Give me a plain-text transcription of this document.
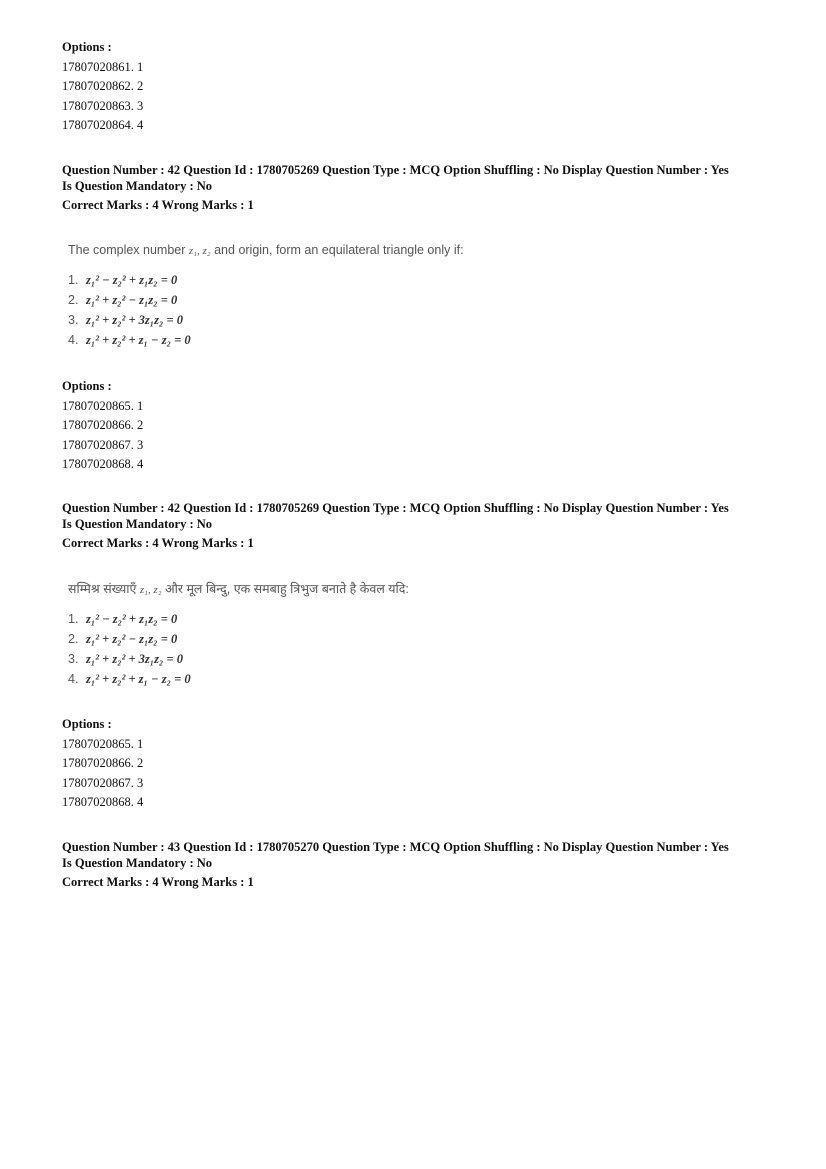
Options :
17807020861. 1
17807020862. 2
17807020863. 3
17807020864. 4
Question Number : 42 Question Id : 1780705269 Question Type : MCQ Option Shuffling : No Display Question Number : Yes
Is Question Mandatory : No
Correct Marks : 4 Wrong Marks : 1
The complex number z₁, z₂ and origin, form an equilateral triangle only if:
1. z₁² − z₂² + z₁z₂ = 0
2. z₁² + z₂² − z₁z₂ = 0
3. z₁² + z₂² + 3z₁z₂ = 0
4. z₁² + z₂² + z₁ − z₂ = 0
Options :
17807020865. 1
17807020866. 2
17807020867. 3
17807020868. 4
Question Number : 42 Question Id : 1780705269 Question Type : MCQ Option Shuffling : No Display Question Number : Yes
Is Question Mandatory : No
Correct Marks : 4 Wrong Marks : 1
सम्मिश्र संख्याएँ z₁, z₂ और मूल बिन्दु, एक समबाहु त्रिभुज बनाते है केवल यदि:
1. z₁² − z₂² + z₁z₂ = 0
2. z₁² + z₂² − z₁z₂ = 0
3. z₁² + z₂² + 3z₁z₂ = 0
4. z₁² + z₂² + z₁ − z₂ = 0
Options :
17807020865. 1
17807020866. 2
17807020867. 3
17807020868. 4
Question Number : 43 Question Id : 1780705270 Question Type : MCQ Option Shuffling : No Display Question Number : Yes
Is Question Mandatory : No
Correct Marks : 4 Wrong Marks : 1
